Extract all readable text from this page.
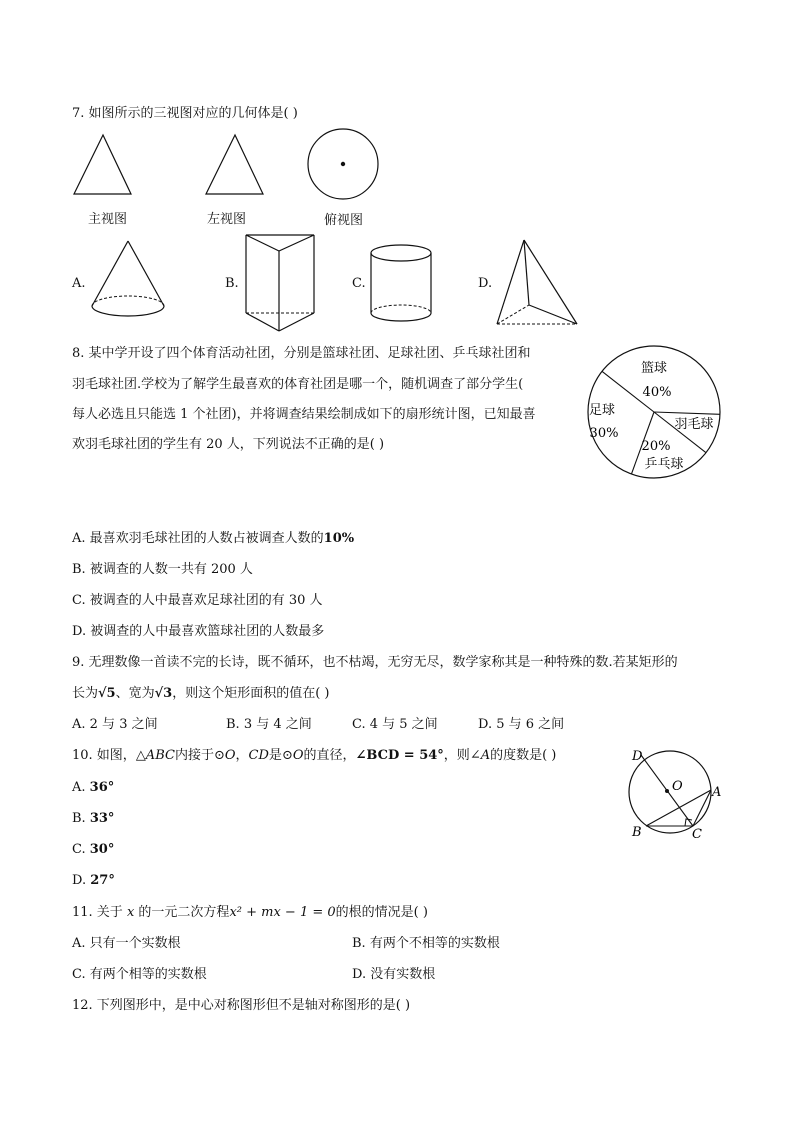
7. 如图所示的三视图对应的几何体是( )
主视图	左视图	俯视图
A.	B.	C.	D.
8. 某中学开设了四个体育活动社团，分别是篮球社团、足球社团、乒乓球社团和
羽毛球社团.学校为了解学生最喜欢的体育社团是哪一个，随机调查了部分学生(
每人必选且只能选 1 个社团)，并将调查结果绘制成如下的扇形统计图，已知最喜
欢羽毛球社团的学生有 20 人，下列说法不正确的是( )
篮球
40%
足球
30%
乒乓球
20%
羽毛球
A. 最喜欢羽毛球社团的人数占被调查人数的10%
B. 被调查的人数一共有 200 人
C. 被调查的人中最喜欢足球社团的有 30 人
D. 被调查的人中最喜欢篮球社团的人数最多
9. 无理数像一首读不完的长诗，既不循环，也不枯竭，无穷无尽，数学家称其是一种特殊的数.若某矩形的
长为√5、宽为√3，则这个矩形面积的值在( )
A. 2 与 3 之间	B. 3 与 4 之间	C. 4 与 5 之间	D. 5 与 6 之间
10. 如图，△ABC内接于⊙O，CD是⊙O的直径，∠BCD = 54°，则∠A的度数是( )
A. 36°
B. 33°
C. 30°
D. 27°
D
O A
B	C
11. 关于 x 的一元二次方程x² + mx − 1 = 0的根的情况是( )
A. 只有一个实数根	B. 有两个不相等的实数根
C. 有两个相等的实数根	D. 没有实数根
12. 下列图形中，是中心对称图形但不是轴对称图形的是( )
